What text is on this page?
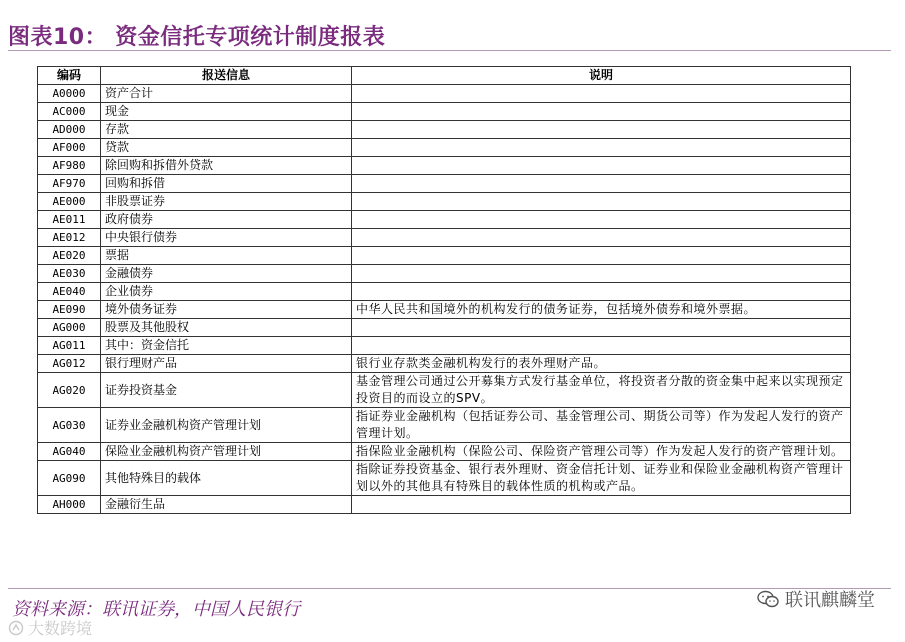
图表10： 资金信托专项统计制度报表
编码	报送信息	说明
A0000	资产合计	
AC000	现金	
AD000	存款	
AF000	贷款	
AF980	除回购和拆借外贷款	
AF970	回购和拆借	
AE000	非股票证券	
AE011	政府债券	
AE012	中央银行债券	
AE020	票据	
AE030	金融债券	
AE040	企业债券	
AE090	境外债务证券	中华人民共和国境外的机构发行的债务证券，包括境外债券和境外票据。
AG000	股票及其他股权	
AG011	其中：资金信托	
AG012	银行理财产品	银行业存款类金融机构发行的表外理财产品。
AG020	证券投资基金	基金管理公司通过公开募集方式发行基金单位，将投资者分散的资金集中起来以实现预定投资目的而设立的SPV。
AG030	证券业金融机构资产管理计划	指证券业金融机构（包括证券公司、基金管理公司、期货公司等）作为发起人发行的资产管理计划。
AG040	保险业金融机构资产管理计划	指保险业金融机构（保险公司、保险资产管理公司等）作为发起人发行的资产管理计划。
AG090	其他特殊目的载体	指除证券投资基金、银行表外理财、资金信托计划、证券业和保险业金融机构资产管理计划以外的其他具有特殊目的载体性质的机构或产品。
AH000	金融衍生品	
资料来源：联讯证券，中国人民银行	联讯麒麟堂
大数跨境
